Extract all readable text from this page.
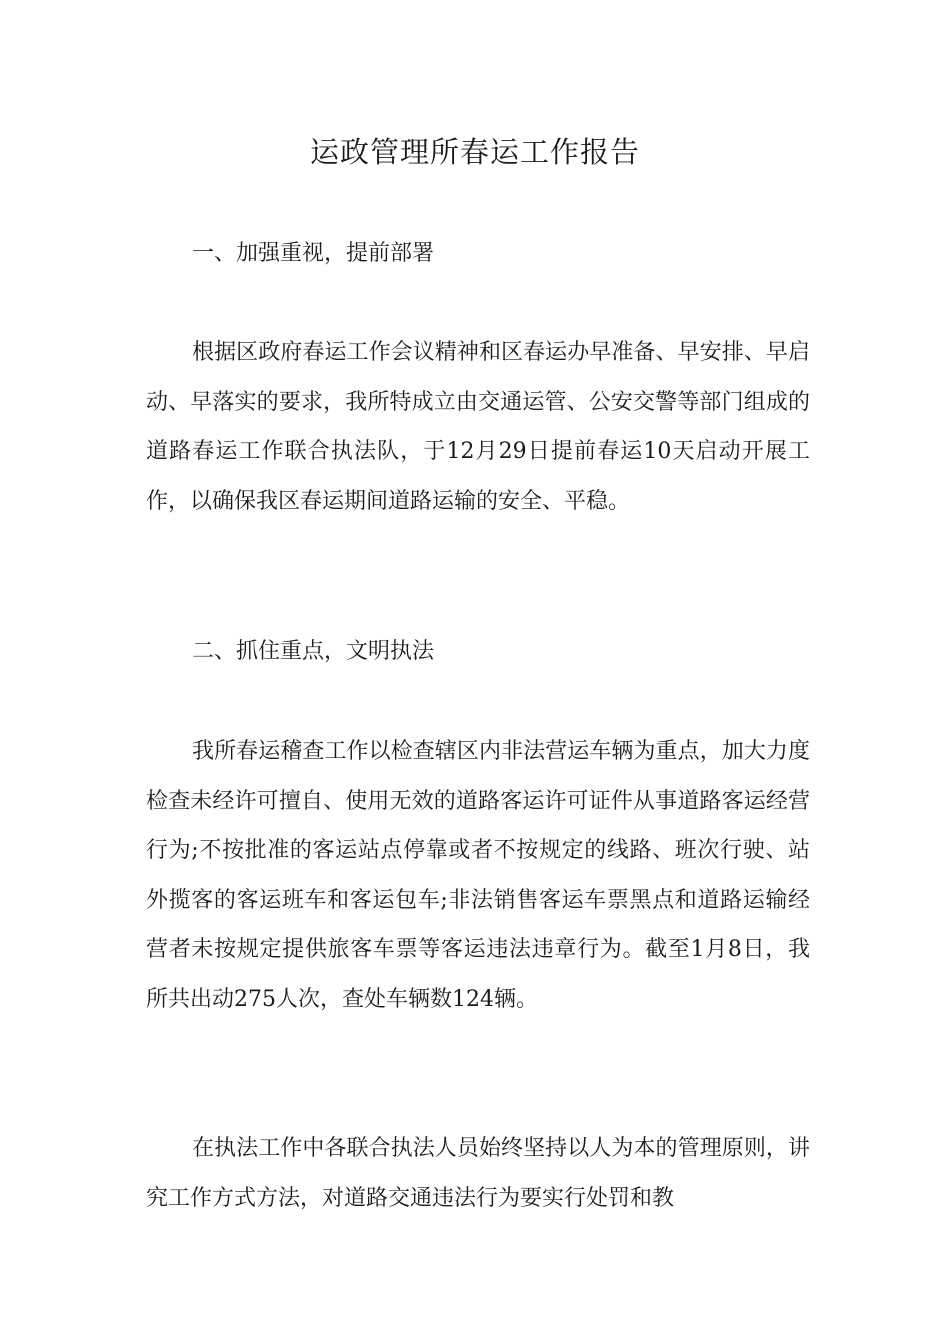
运政管理所春运工作报告
一、加强重视，提前部署

根据区政府春运工作会议精神和区春运办早准备、早安排、早启动、早落实的要求，我所特成立由交通运管、公安交警等部门组成的道路春运工作联合执法队，于12月29日提前春运10天启动开展工作，以确保我区春运期间道路运输的安全、平稳。

二、抓住重点，文明执法

我所春运稽查工作以检查辖区内非法营运车辆为重点，加大力度检查未经许可擅自、使用无效的道路客运许可证件从事道路客运经营行为;不按批准的客运站点停靠或者不按规定的线路、班次行驶、站外揽客的客运班车和客运包车;非法销售客运车票黑点和道路运输经营者未按规定提供旅客车票等客运违法违章行为。截至1月8日，我所共出动275人次，查处车辆数124辆。

在执法工作中各联合执法人员始终坚持以人为本的管理原则，讲究工作方式方法，对道路交通违法行为要实行处罚和教
